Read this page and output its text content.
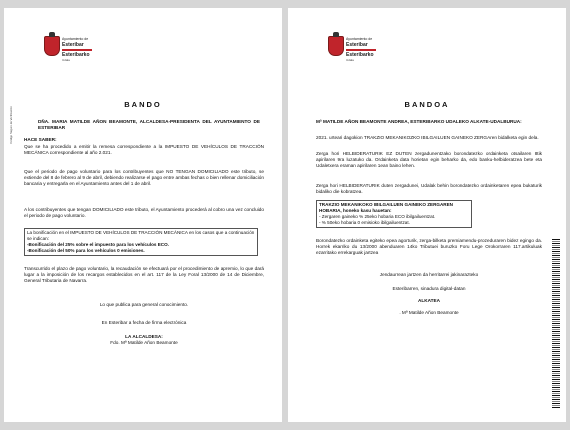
Código Seguro de Verificación
Ayuntamiento de
Esteribar
Esteribarko
Udala
BANDO
DÑA. MARIA MATILDE AÑON BEAMONTE, ALCALDESA-PRESIDENTA DEL AYUNTAMIENTO DE ESTERIBAR
HACE SABER:
Que se ha procedido a emitir la remesa correspondiente a la IMPUESTO DE VEHÍCULOS DE TRACCIÓN MECÁNICA correspondiente al año 2.021.
Que el periodo de pago voluntario para los contribuyentes que NO TENGAN DOMICILIADO este tributo, se extiende del 8 de febrero al 9 de abril, debiendo realizarse el pago entre ambas fechas o bien rellenar domiciliación bancaria y entregarla en el Ayuntamiento antes del 1 de abril.
A los contribuyentes que tengan DOMICILIADO este tributo, el Ayuntamiento procederá al cobro una vez concluido el periodo de pago voluntario.
La bonificación en el IMPUESTO DE VEHÍCULOS DE TRACCIÓN MECÁNICA en los casos que a continuación se indican:
-Bonificación del 25% sobre el impuesto para los vehículos ECO.
-Bonificación del 50% para los vehículos 0 emisiones.
Transcurrido el plazo de pago voluntario, la recaudación se efectuará por el procedimiento de apremio, lo que dará lugar a la imposición de los recargos establecidos en el art. 117 de la Ley Foral 13/2000 de 14 de Diciembre, General Tributaria de Navarra.
Lo que publica para general conocimiento.
En Esteribar a fecha de firma electrónica
LA ALCALDESA:
Fdo. Mª Matilde Añon Beamonte
Ayuntamiento de
Esteribar
Esteribarko
Udala
BANDOA
Mª MATILDE AÑON BEAMONTE ANDREA, ESTERIBARKO UDALEKO ALKATE-UDALBURUA:
2021. urteari dagokion TRAKZIO MEKANIKOZKO IBILGAILUEN GAINEKO ZERGAren bidalketa egin dela.
Zerga hori HELBIDERATURIK EZ DUTEN zergadunentzako borondatezko ordainketa otsailaren 8tik apirilaren 9ra luzatuko da. Ordainketa data horietan egin beharko da, edo banku-helbideratzea bete eta Udaletxera eraman apirilaren 1ean baino lehen.
Zerga hori HELBIDERATURIK duten zergadunei, Udalak behin borondatezko ordainketaren epea bukaturik bidaliko die kobratzea.
TRAKZIO MEKANIKOKO IBILGAILUEN GAINEKO ZERGAREN HOBARIA, honeko kasu hauetan:
- Zergaren gaineko % 25eko hobaria ECO ibilgailuentzat.
- % 50eko hobaria 0 emisioko ibilgailuentzat.
Borondatezko ordainketa egiteko epea agorturik, zerga-bilketa premiamendu-prozeduraren bidez egingo da. Horrek ekarriko du 13/2000 abenduaren 14ko Tributuei buruzko Foru Lege Orokorraren 117.artikuluak ezarritako errekarguak jartzea
Jendaurrean jartzen da herritarrei jakinarazteko
Esteribarren, sinadura digital-datan
ALKATEA
. Mª Matilde Añon Beamonte
